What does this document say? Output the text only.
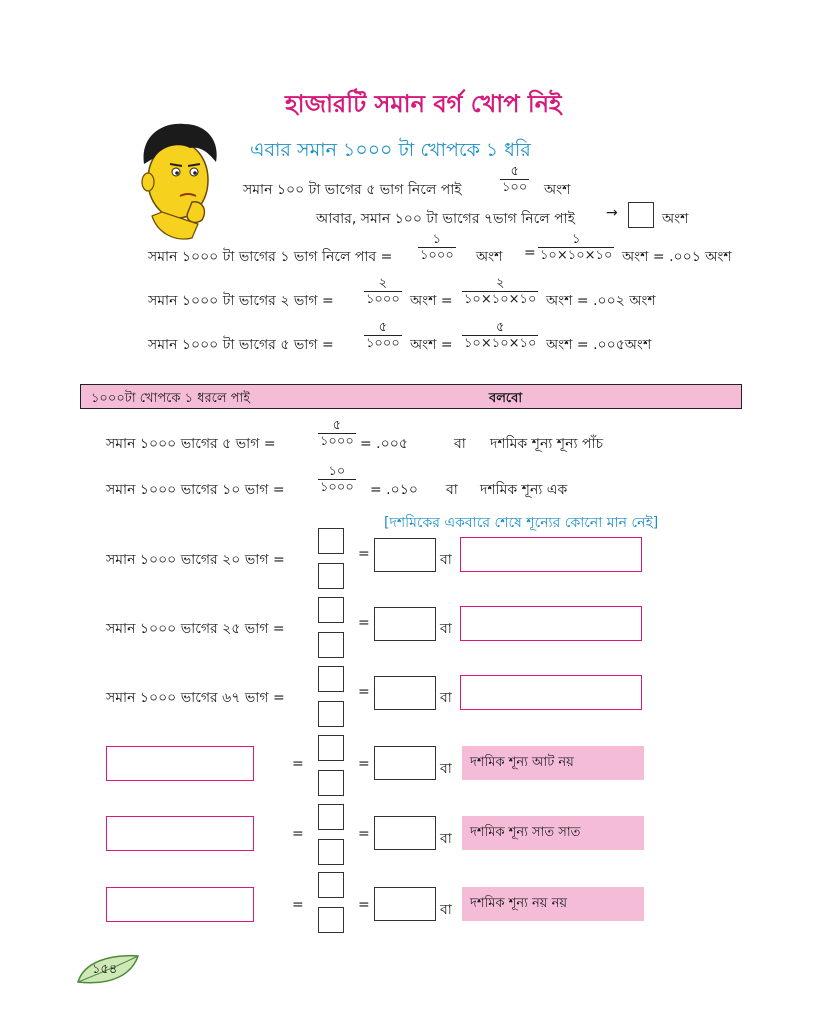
হাজারটি সমান বর্গ খোপ নিই
এবার সমান ১০০০ টা খোপকে ১ ধরি
সমান ১০০ টা ভাগের ৫ ভাগ নিলে পাই
৫
১০০ অংশ
আবার, সমান ১০০ টা ভাগের ৭ভাগ নিলে পাই →	অংশ
সমান ১০০০ টা ভাগের ১ ভাগ নিলে পাব =
১
১০০০ অংশ =
১
১০×১০×১০ অংশ = .০০১ অংশ
সমান ১০০০ টা ভাগের ২ ভাগ =
২
১০০০ অংশ =
২
১০×১০×১০ অংশ = .০০২ অংশ
সমান ১০০০ টা ভাগের ৫ ভাগ =
৫
১০০০ অংশ =
৫
১০×১০×১০ অংশ = .০০৫অংশ
১০০০টা খোপকে ১ ধরলে পাই	বলবো
সমান ১০০০ ভাগের ৫ ভাগ =
৫
১০০০ = .০০৫	বা দশমিক শূন্য শূন্য পাঁচ
সমান ১০০০ ভাগের ১০ ভাগ =
১০
১০০০ = .০১০ বা দশমিক শূন্য এক
[দশমিকের একবারে শেষে শূন্যের কোনো মান নেই]
সমান ১০০০ ভাগের ২০ ভাগ =	=	বা
সমান ১০০০ ভাগের ২৫ ভাগ =	=	বা
সমান ১০০০ ভাগের ৬৭ ভাগ =	=	বা
=	=	বা	দশমিক শূন্য আট নয়
=	=	বা	দশমিক শূন্য সাত সাত
=	=	বা	দশমিক শূন্য নয় নয়
১৫৪
